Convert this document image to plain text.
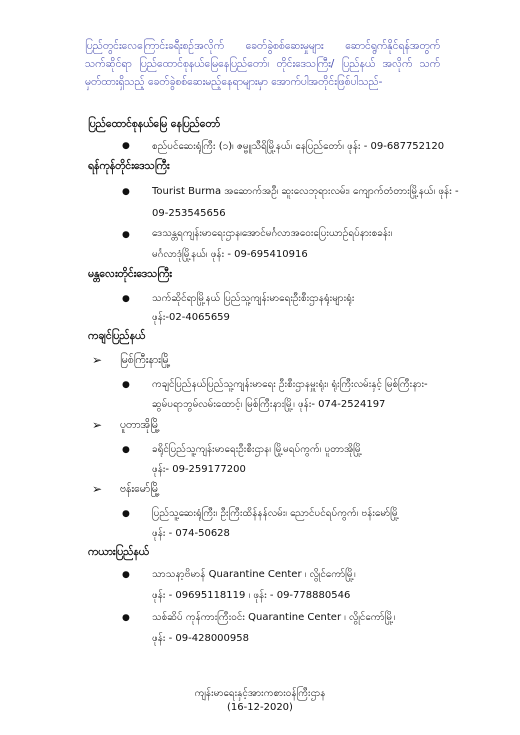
ပြည်တွင်းလေကြောင်းခရီးစဉ်အလိုက် ခေတ်ခွဲစစ်ဆေးမှုများ ဆောင်ရွက်နိုင်ရန်အတွက် သက်ဆိုင်ရာ ပြည်ထောင်စုနယ်မြေနေပြည်တော်၊ တိုင်းဒေသကြီး/ ပြည်နယ် အလိုက် သက်မှတ်ထားရှိသည့် ခေတ်ခွဲစစ်ဆေးမည့်နေရာများမှာ အောက်ပါအတိုင်းဖြစ်ပါသည်-
ပြည်ထောင်စုနယ်မြေ နေပြည်တော်
● စည်ပင်ဆေးရုံကြီး (၁)၊ ဇမ္ဗူသီရိမြို့နယ်၊ နေပြည်တော်၊ ဖုန်း - 09-687752120
ရန်ကုန်တိုင်းဒေသကြီး
● Tourist Burma အဆောက်အဦ၊ ဆူးလေဘုရားလမ်း၊ ကျောက်တံတားမြို့နယ်၊ ဖုန်း -
09-253545656
● ဒေသန္တရကျန်းမာရေးဌာန၊အောင်မင်္ဂလာအဝေးပြေးယာဉ်ရပ်နားစခန်း၊
မင်္ဂလာဒုံမြို့နယ်၊ ဖုန်း - 09-695410916
မန္တလေးတိုင်းဒေသကြီး
● သက်ဆိုင်ရာမြို့နယ် ပြည်သူ့ကျန်းမာရေးဦးစီးဌာနရုံးများရုံး
ဖုန်း-02-4065659
ကချင်ပြည်နယ်
➢ မြစ်ကြီးနားမြို့
● ကချင်ပြည်နယ်ပြည်သူ့ကျန်းမာရေး ဦးစီးဌာနမှူးရုံး၊ ရုံးကြီးလမ်းနှင့် မြစ်ကြီးနား-
ဆွမ်ပရာဘွမ်လမ်းထောင့်၊ မြစ်ကြီးနားမြို့၊ ဖုန်း- 074-2524197
➢ ပူတာအိုမြို့
● ခရိုင်ပြည်သူ့ကျန်းမာရေးဦးစီးဌာန၊ မြို့မရပ်ကွက်၊ ပူတာအိုမြို့
ဖုန်း- 09-259177200
➢ ဗန်းမော်မြို့
● ပြည်သူ့ဆေးရုံကြီး၊ ဦးကြီးထိန်နန်လမ်း၊ ညောင်ပင်ရပ်ကွက်၊ ဗန်းမော်မြို့
ဖုန်း - 074-50628
ကယားပြည်နယ်
● သာသနာ့ဗိမာန် Quarantine Center ၊ လွိုင်ကော်မြို့၊
ဖုန်း - 09695118119 ၊ ဖုန်း - 09-778880546
● သစ်ဆိပ် ကုန်ကားကြီးဝင်း Quarantine Center ၊ လွိုင်ကော်မြို့၊
ဖုန်း - 09-428000958
ကျန်းမာရေးနှင့်အားကစားဝန်ကြီးဌာန
(16-12-2020)
